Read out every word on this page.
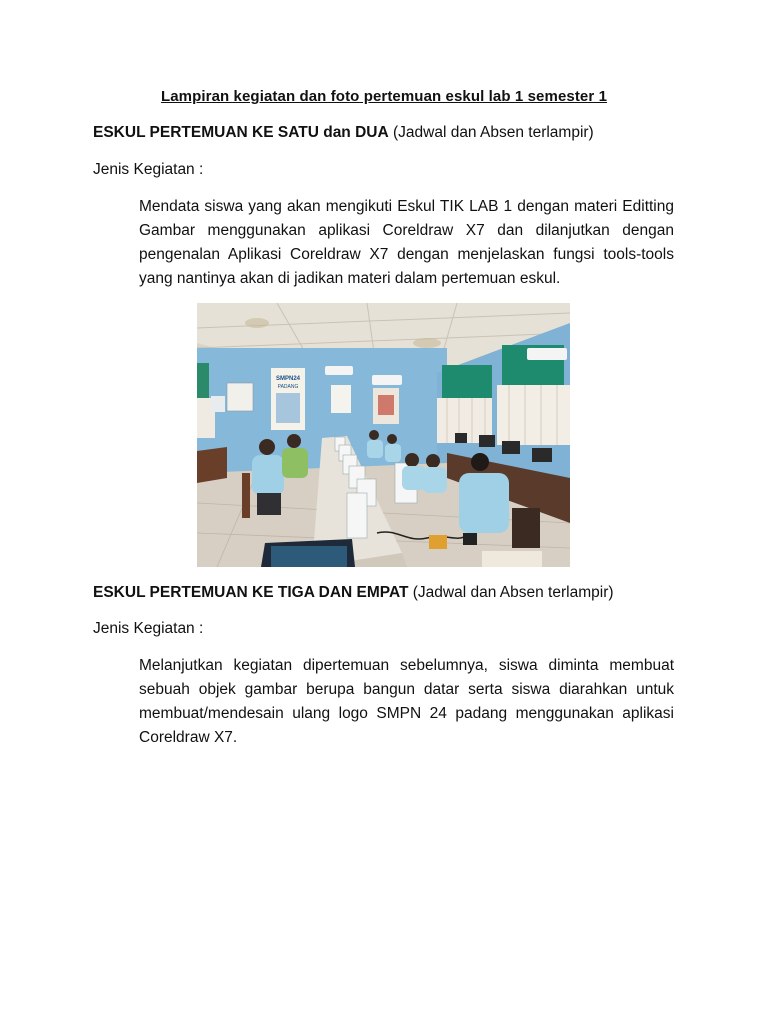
Lampiran kegiatan dan foto pertemuan eskul lab 1 semester 1
ESKUL PERTEMUAN KE SATU dan DUA (Jadwal dan Absen terlampir)
Jenis Kegiatan :
Mendata siswa yang akan mengikuti Eskul TIK LAB 1 dengan materi Editting Gambar menggunakan aplikasi Coreldraw X7 dan dilanjutkan dengan pengenalan Aplikasi Coreldraw X7 dengan menjelaskan fungsi tools-tools yang nantinya akan di jadikan materi dalam pertemuan eskul.
SMPN24
PADANG
ESKUL PERTEMUAN KE TIGA DAN EMPAT (Jadwal dan Absen terlampir)
Jenis Kegiatan :
Melanjutkan kegiatan dipertemuan sebelumnya, siswa diminta membuat sebuah objek gambar berupa bangun datar serta siswa diarahkan untuk membuat/mendesain ulang logo SMPN 24 padang menggunakan aplikasi Coreldraw X7.
